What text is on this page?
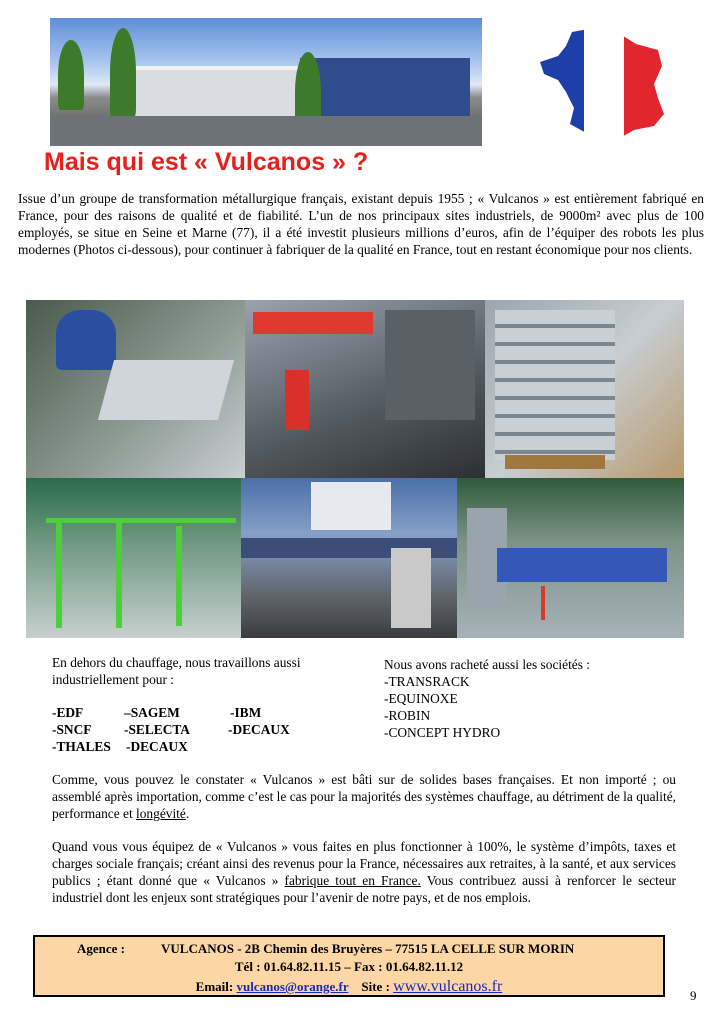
Mais qui est « Vulcanos » ?

Issue d’un groupe de transformation métallurgique français, existant depuis 1955 ; « Vulcanos » est entièrement fabriqué en France, pour des raisons de qualité et de fiabilité. L’un de nos principaux sites industriels, de 9000m² avec plus de 100 employés, se situe en Seine et Marne (77), il a été investit plusieurs millions d’euros, afin de l’équiper des robots les plus modernes (Photos ci-dessous), pour continuer à fabriquer de la qualité en France, tout en restant économique pour nos clients.

En dehors du chauffage, nous travaillons aussi industriellement pour :

-EDF	–SAGEM	-IBM
-SNCF -SELECTA	-DECAUX
-THALES -DECAUX
Nous avons racheté aussi les sociétés :
-TRANSRACK
-EQUINOXE
-ROBIN
-CONCEPT HYDRO

Comme, vous pouvez le constater « Vulcanos » est bâti sur de solides bases françaises. Et non importé ; ou assemblé après importation, comme c’est le cas pour la majorités des systèmes chauffage, au détriment de la qualité, performance et longévité.

Quand vous vous équipez de « Vulcanos » vous faites en plus fonctionner à 100%, le système d’impôts, taxes et charges sociale français; créant ainsi des revenus pour la France, nécessaires aux retraites, à la santé, et aux services publics ; étant donné que « Vulcanos » fabrique tout en France. Vous contribuez aussi à renforcer le secteur industriel dont les enjeux sont stratégiques pour l’avenir de notre pays, et de nos emplois.

Agence :	VULCANOS - 2B Chemin des Bruyères – 77515 LA CELLE SUR MORIN
Tél : 01.64.82.11.15 – Fax : 01.64.82.11.12
Email: vulcanos@orange.fr Site : www.vulcanos.fr
9
